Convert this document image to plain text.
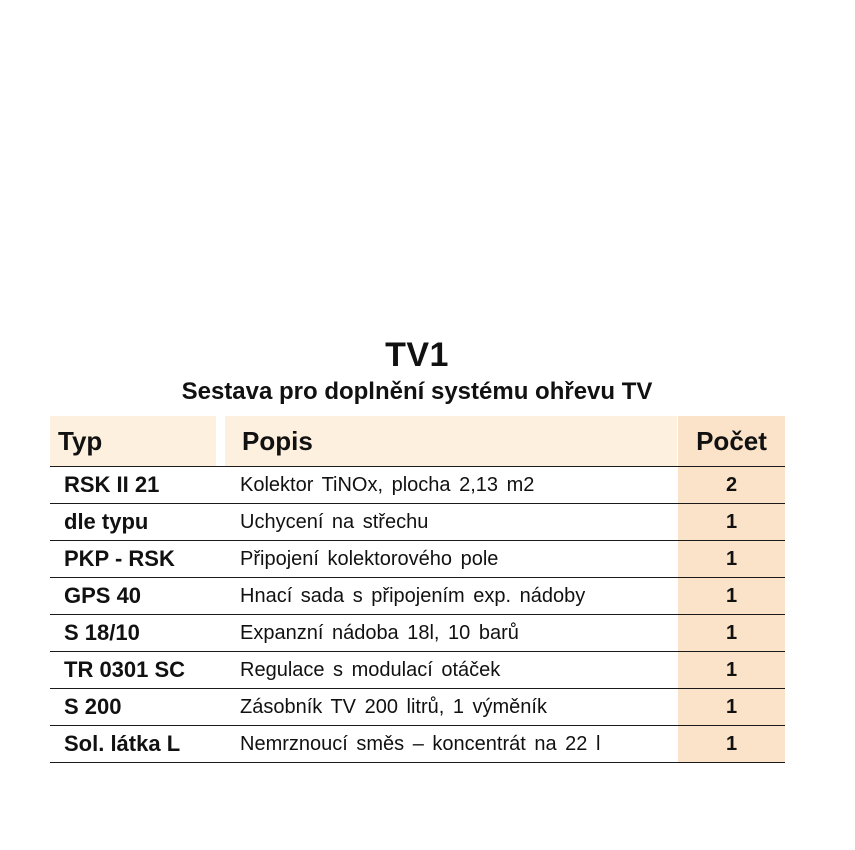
TV1
Sestava pro doplnění systému ohřevu TV
Typ	Popis	Počet
RSK II 21	Kolektor TiNOx, plocha 2,13 m2	2
dle typu	Uchycení na střechu	1
PKP - RSK	Připojení kolektorového pole	1
GPS 40	Hnací sada s připojením exp. nádoby	1
S 18/10	Expanzní nádoba 18l, 10 barů	1
TR 0301 SC	Regulace s modulací otáček	1
S 200	Zásobník TV 200 litrů, 1 výměník	1
Sol. látka L	Nemrznoucí směs – koncentrát na 22 l	1
